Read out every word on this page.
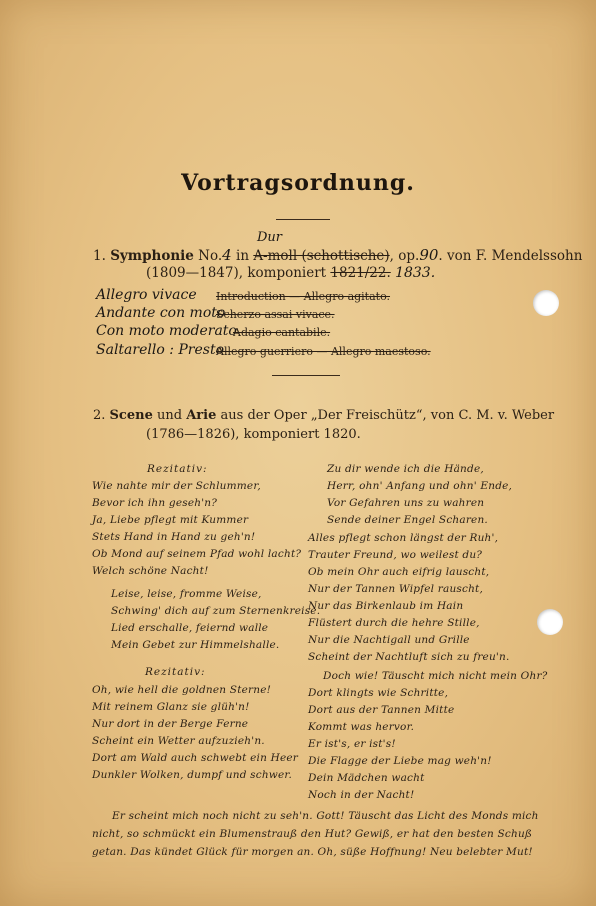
Vortragsordnung.
Dur
1. Symphonie No.4 in A-moll (schottische), op.90. von F. Mendelssohn
(1809—1847), komponiert 1821/22. 1833.
Allegro vivace Introduction — Allegro agitato.
Andante con moto
Scherzo assai vivace.
Con moto moderato
Adagio cantabile.
Saltarello : Presto
Allegro guerriero — Allegro maestoso.
2. Scene und Arie aus der Oper „Der Freischütz“, von C. M. v. Weber
(1786—1826), komponiert 1820.
Rezitativ:
Wie nahte mir der Schlummer,
Bevor ich ihn geseh'n?
Ja, Liebe pflegt mit Kummer
Stets Hand in Hand zu geh'n!
Ob Mond auf seinem Pfad wohl lacht?
Welch schöne Nacht!
Leise, leise, fromme Weise,
Schwing' dich auf zum Sternenkreise.
Lied erschalle, feiernd walle
Mein Gebet zur Himmelshalle.
Rezitativ:
Oh, wie hell die goldnen Sterne!
Mit reinem Glanz sie glüh'n!
Nur dort in der Berge Ferne
Scheint ein Wetter aufzuzieh'n.
Dort am Wald auch schwebt ein Heer
Dunkler Wolken, dumpf und schwer.
Zu dir wende ich die Hände,
Herr, ohn' Anfang und ohn' Ende,
Vor Gefahren uns zu wahren
Sende deiner Engel Scharen.
Alles pflegt schon längst der Ruh',
Trauter Freund, wo weilest du?
Ob mein Ohr auch eifrig lauscht,
Nur der Tannen Wipfel rauscht,
Nur das Birkenlaub im Hain
Flüstert durch die hehre Stille,
Nur die Nachtigall und Grille
Scheint der Nachtluft sich zu freu'n.
Doch wie! Täuscht mich nicht mein Ohr?
Dort klingts wie Schritte,
Dort aus der Tannen Mitte
Kommt was hervor.
Er ist's, er ist's!
Die Flagge der Liebe mag weh'n!
Dein Mädchen wacht
Noch in der Nacht!
Er scheint mich noch nicht zu seh'n. Gott! Täuscht das Licht des Monds mich
nicht, so schmückt ein Blumenstrauß den Hut? Gewiß, er hat den besten Schuß
getan. Das kündet Glück für morgen an. Oh, süße Hoffnung! Neu belebter Mut!
